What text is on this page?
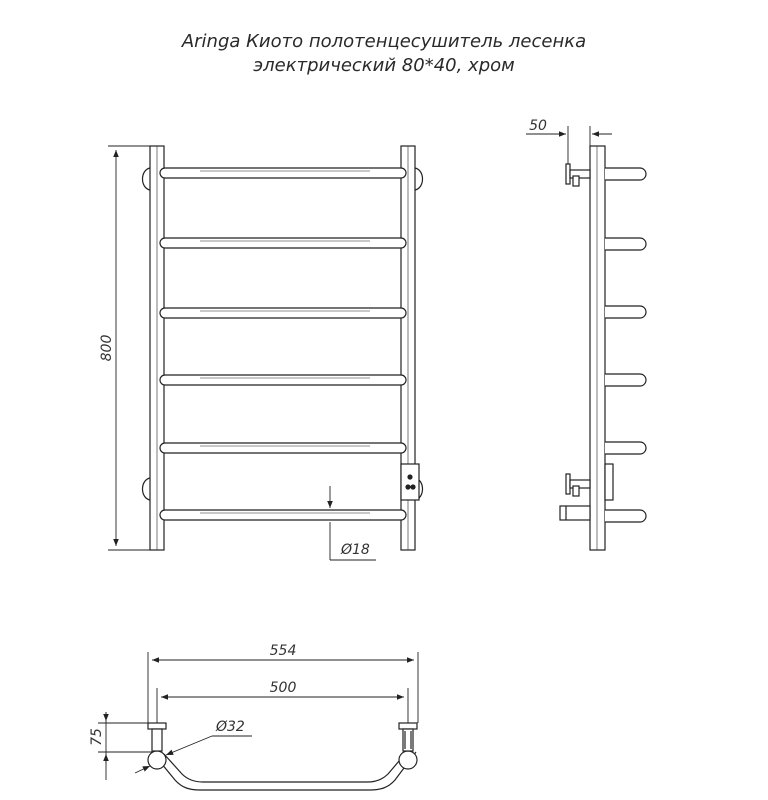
Aringa Киото полотенцесушитель лесенка
электрический 80*40, хром
800
Ø18
50
554
500
Ø32
75
